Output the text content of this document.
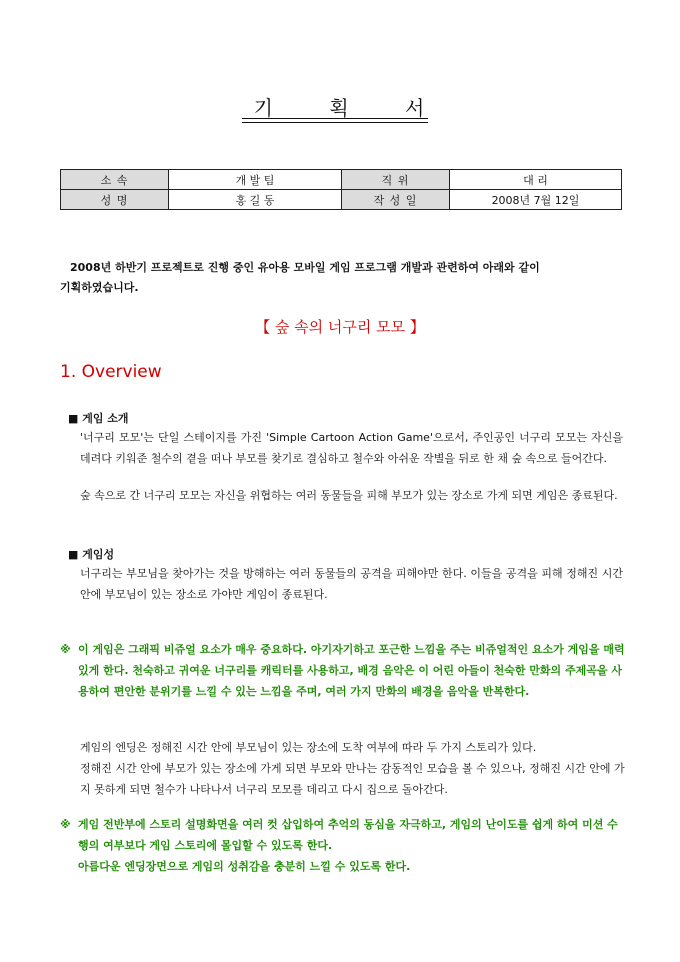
기 획 서
소 속	개 발 팀	직 위	대 리
성 명	홍 길 동	작 성 일	2008년 7월 12일
2008년 하반기 프로젝트로 진행 중인 유아용 모바일 게임 프로그램 개발과 관련하여 아래와 같이
기획하였습니다.
【 숲 속의 너구리 모모 】
1. Overview
■ 게임 소개
'너구리 모모'는 단일 스테이지를 가진 'Simple Cartoon Action Game'으로서, 주인공인 너구리 모모는 자신을 데려다 키워준 철수의 곁을 떠나 부모를 찾기로 결심하고 철수와 아쉬운 작별을 뒤로 한 채 숲 속으로 들어간다.
숲 속으로 간 너구리 모모는 자신을 위협하는 여러 동물들을 피해 부모가 있는 장소로 가게 되면 게임은 종료된다.
■ 게임성
너구리는 부모님을 찾아가는 것을 방해하는 여러 동물들의 공격을 피해야만 한다. 이들을 공격을 피해 정해진 시간 안에 부모님이 있는 장소로 가야만 게임이 종료된다.
※ 이 게임은 그래픽 비쥬얼 요소가 매우 중요하다. 아기자기하고 포근한 느낌을 주는 비쥬얼적인 요소가 게임을 매력 있게 한다. 천숙하고 귀여운 너구리를 캐릭터를 사용하고, 배경 음악은 이 어린 아들이 천숙한 만화의 주제곡을 사용하여 편안한 분위기를 느낄 수 있는 느낌을 주며, 여러 가지 만화의 배경을 음악을 반복한다.
게임의 엔딩은 정해진 시간 안에 부모님이 있는 장소에 도착 여부에 따라 두 가지 스토리가 있다.
정해진 시간 안에 부모가 있는 장소에 가게 되면 부모와 만나는 감동적인 모습을 볼 수 있으나, 정해진 시간 안에 가지 못하게 되면 철수가 나타나서 너구리 모모를 데리고 다시 집으로 돌아간다.
※ 게임 전반부에 스토리 설명화면을 여러 컷 삽입하여 추억의 동심을 자극하고, 게임의 난이도를 쉽게 하여 미션 수행의 여부보다 게임 스토리에 몰입할 수 있도록 한다.
아름다운 엔딩장면으로 게임의 성취감을 충분히 느낄 수 있도록 한다.
